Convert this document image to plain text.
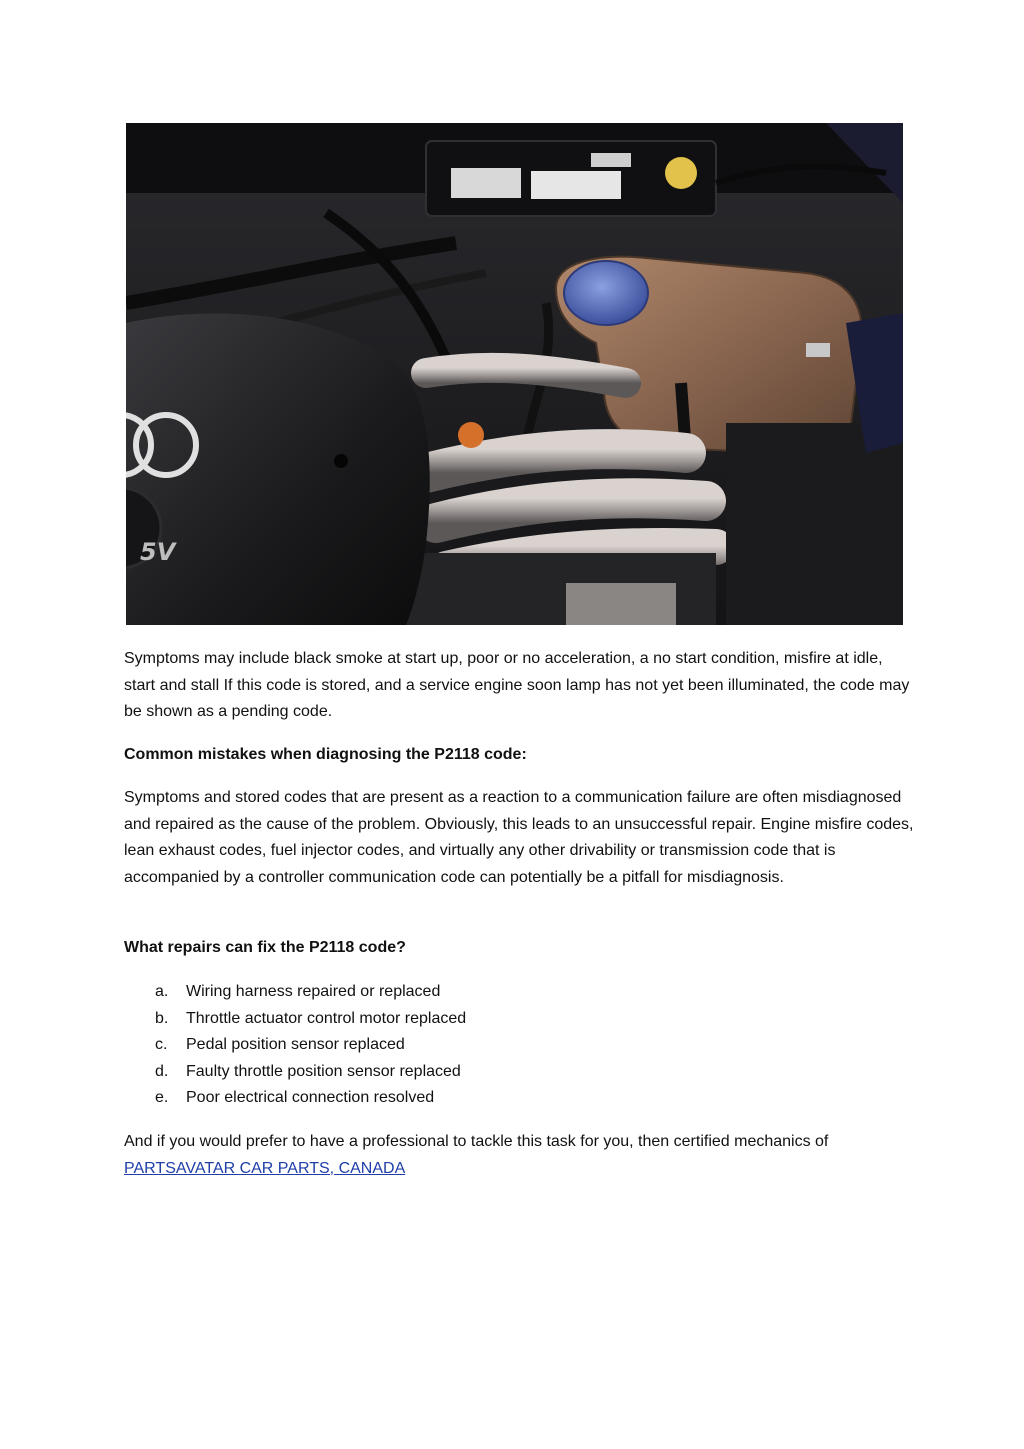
5V
Symptoms may include black smoke at start up, poor or no acceleration, a no start condition, misfire at idle, start and stall If this code is stored, and a service engine soon lamp has not yet been illuminated, the code may be shown as a pending code.
Common mistakes when diagnosing the P2118 code:
Symptoms and stored codes that are present as a reaction to a communication failure are often misdiagnosed and repaired as the cause of the problem. Obviously, this leads to an unsuccessful repair. Engine misfire codes, lean exhaust codes, fuel injector codes, and virtually any other drivability or transmission code that is accompanied by a controller communication code can potentially be a pitfall for misdiagnosis.
What repairs can fix the P2118 code?
a. Wiring harness repaired or replaced
b. Throttle actuator control motor replaced
c. Pedal position sensor replaced
d. Faulty throttle position sensor replaced
e. Poor electrical connection resolved
And if you would prefer to have a professional to tackle this task for you, then certified mechanics of
PARTSAVATAR CAR PARTS, CANADA
